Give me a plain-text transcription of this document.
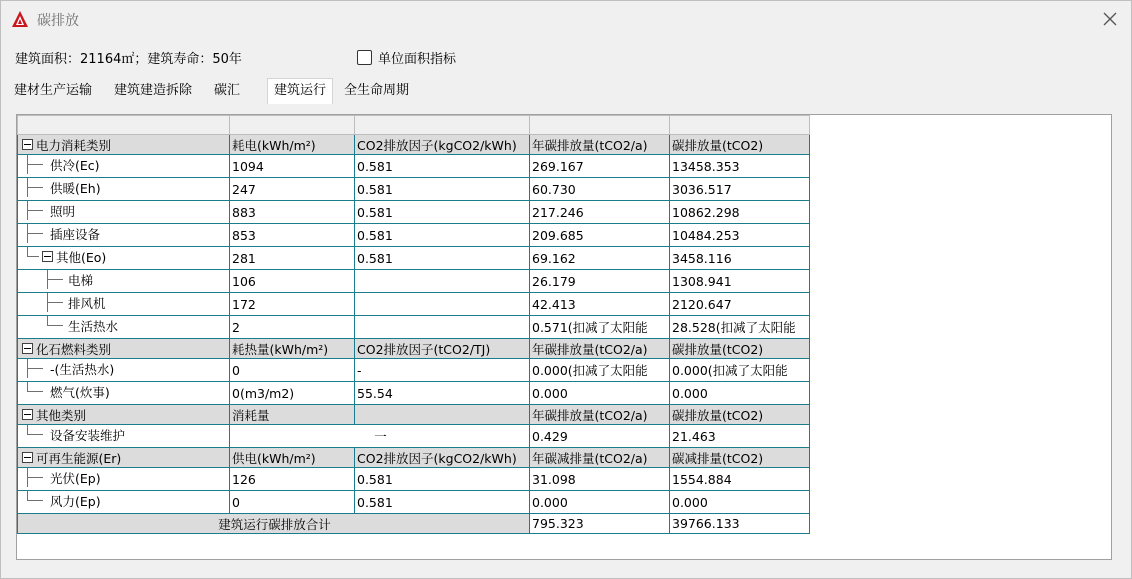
碳排放
建筑面积：21164㎡；建筑寿命：50年	单位面积指标
建材生产运输 建筑建造拆除 碳汇	建筑运行	全生命周期

电力消耗类别	耗电(kWh/m²)	CO2排放因子(kgCO2/kWh)	年碳排放量(tCO2/a)	碳排放量(tCO2)

供冷(Ec)	1094	0.581	269.167	13458.353

供暖(Eh)	247	0.581	60.730	3036.517

照明	883	0.581	217.246	10862.298

插座设备	853	0.581	209.685	10484.253

其他(Eo)	281	0.581	69.162	3458.116

电梯	106		26.179	1308.941

排风机	172		42.413	2120.647

生活热水	2		0.571(扣减了太阳能	28.528(扣减了太阳能

化石燃料类别	耗热量(kWh/m²)	CO2排放因子(tCO2/TJ)	年碳排放量(tCO2/a)	碳排放量(tCO2)

-(生活热水)	0	-	0.000(扣减了太阳能	0.000(扣减了太阳能

燃气(炊事)	0(m3/m2)	55.54	0.000	0.000

其他类别	消耗量		年碳排放量(tCO2/a)	碳排放量(tCO2)

设备安装维护	一		0.429	21.463

可再生能源(Er)	供电(kWh/m²)	CO2排放因子(kgCO2/kWh)	年碳减排量(tCO2/a)	碳减排量(tCO2)

光伏(Ep)	126	0.581	31.098	1554.884

风力(Ep)	0	0.581	0.000	0.000
建筑运行碳排放合计			795.323	39766.133
